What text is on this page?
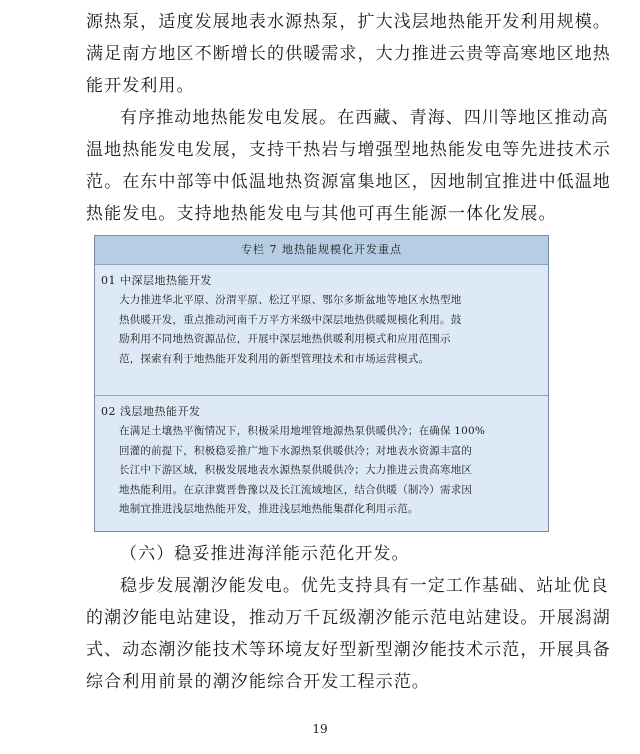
源热泵，适度发展地表水源热泵，扩大浅层地热能开发利用规模。
满足南方地区不断增长的供暖需求，大力推进云贵等高寒地区地热
能开发利用。
有序推动地热能发电发展。在西藏、青海、四川等地区推动高
温地热能发电发展，支持干热岩与增强型地热能发电等先进技术示
范。在东中部等中低温地热资源富集地区，因地制宜推进中低温地
热能发电。支持地热能发电与其他可再生能源一体化发展。
专栏 7 地热能规模化开发重点
01 中深层地热能开发
大力推进华北平原、汾渭平原、松辽平原、鄂尔多斯盆地等地区水热型地
热供暖开发，重点推动河南千万平方米级中深层地热供暖规模化利用。鼓
励利用不同地热资源品位，开展中深层地热供暖利用模式和应用范围示
范，探索有利于地热能开发利用的新型管理技术和市场运营模式。
02 浅层地热能开发
在满足土壤热平衡情况下，积极采用地埋管地源热泵供暖供冷；在确保 100%
回灌的前提下，积极稳妥推广地下水源热泵供暖供冷；对地表水资源丰富的
长江中下游区域，积极发展地表水源热泵供暖供冷；大力推进云贵高寒地区
地热能利用。在京津冀晋鲁豫以及长江流域地区，结合供暖（制冷）需求因
地制宜推进浅层地热能开发，推进浅层地热能集群化利用示范。
（六）稳妥推进海洋能示范化开发。
稳步发展潮汐能发电。优先支持具有一定工作基础、站址优良
的潮汐能电站建设，推动万千瓦级潮汐能示范电站建设。开展潟湖
式、动态潮汐能技术等环境友好型新型潮汐能技术示范，开展具备
综合利用前景的潮汐能综合开发工程示范。
19
